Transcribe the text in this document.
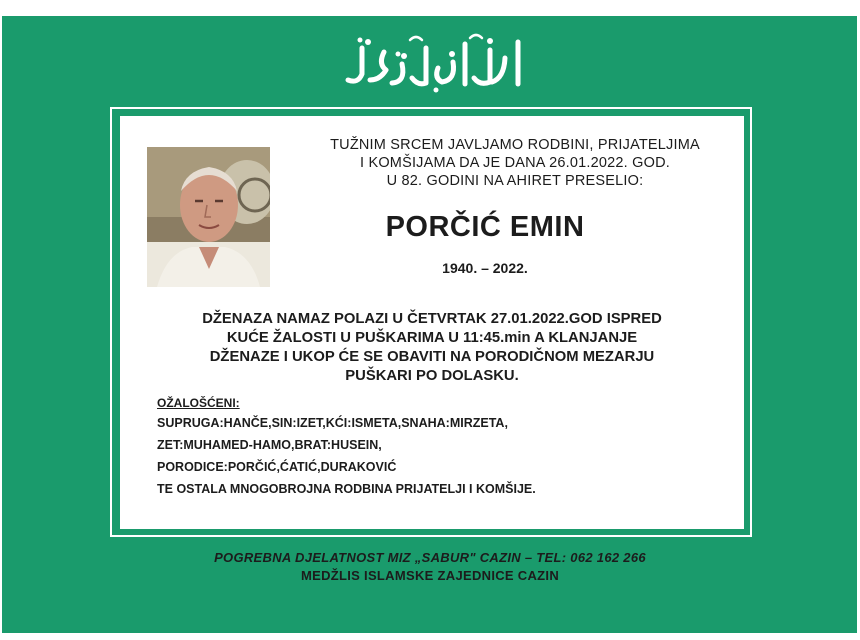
TUŽNIM SRCEM JAVLJAMO RODBINI, PRIJATELJIMA
I KOMŠIJAMA DA JE DANA 26.01.2022. GOD.
U 82. GODINI NA AHIRET PRESELIO:
PORČIĆ EMIN
1940. – 2022.
DŽENAZA NAMAZ POLAZI U ČETVRTAK 27.01.2022.GOD ISPRED
KUĆE ŽALOSTI U PUŠKARIMA U 11:45.min A KLANJANJE
DŽENAZE I UKOP ĆE SE OBAVITI NA PORODIČNOM MEZARJU
PUŠKARI PO DOLASKU.
OŽALOŠĆENI:
SUPRUGA:HANČE,SIN:IZET,KĆI:ISMETA,SNAHA:MIRZETA,
ZET:MUHAMED-HAMO,BRAT:HUSEIN,
PORODICE:PORČIĆ,ĆATIĆ,DURAKOVIĆ
TE OSTALA MNOGOBROJNA RODBINA PRIJATELJI I KOMŠIJE.
POGREBNA DJELATNOST MIZ „SABUR" CAZIN – TEL: 062 162 266
MEDŽLIS ISLAMSKE ZAJEDNICE CAZIN
